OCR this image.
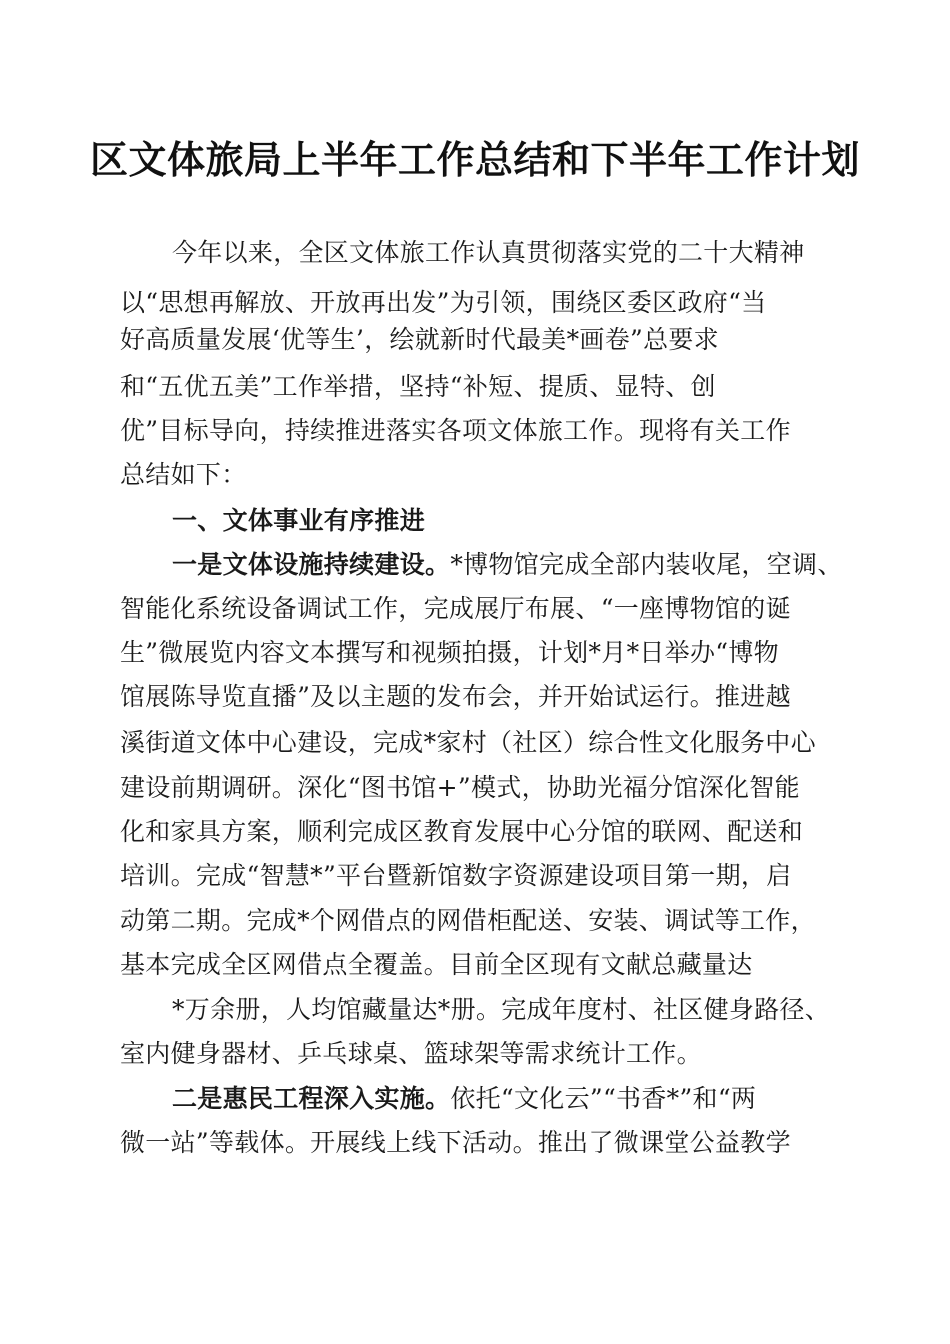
区文体旅局上半年工作总结和下半年工作计划
今年以来，全区文体旅工作认真贯彻落实党的二十大精神
以“思想再解放、开放再出发”为引领，围绕区委区政府“当
好高质量发展‘优等生’，绘就新时代最美*画卷”总要求
和“五优五美”工作举措，坚持“补短、提质、显特、创
优”目标导向，持续推进落实各项文体旅工作。现将有关工作
总结如下：
一、文体事业有序推进
一是文体设施持续建设。*博物馆完成全部内装收尾，空调、
智能化系统设备调试工作，完成展厅布展、“一座博物馆的诞
生”微展览内容文本撰写和视频拍摄，计划*月*日举办“博物
馆展陈导览直播”及以主题的发布会，并开始试运行。推进越
溪街道文体中心建设，完成*家村（社区）综合性文化服务中心
建设前期调研。深化“图书馆+”模式，协助光福分馆深化智能
化和家具方案，顺利完成区教育发展中心分馆的联网、配送和
培训。完成“智慧*”平台暨新馆数字资源建设项目第一期，启
动第二期。完成*个网借点的网借柜配送、安装、调试等工作，
基本完成全区网借点全覆盖。目前全区现有文献总藏量达
*万余册，人均馆藏量达*册。完成年度村、社区健身路径、
室内健身器材、乒乓球桌、篮球架等需求统计工作。
二是惠民工程深入实施。依托“文化云”“书香*”和“两
微一站”等载体。开展线上线下活动。推出了微课堂公益教学
